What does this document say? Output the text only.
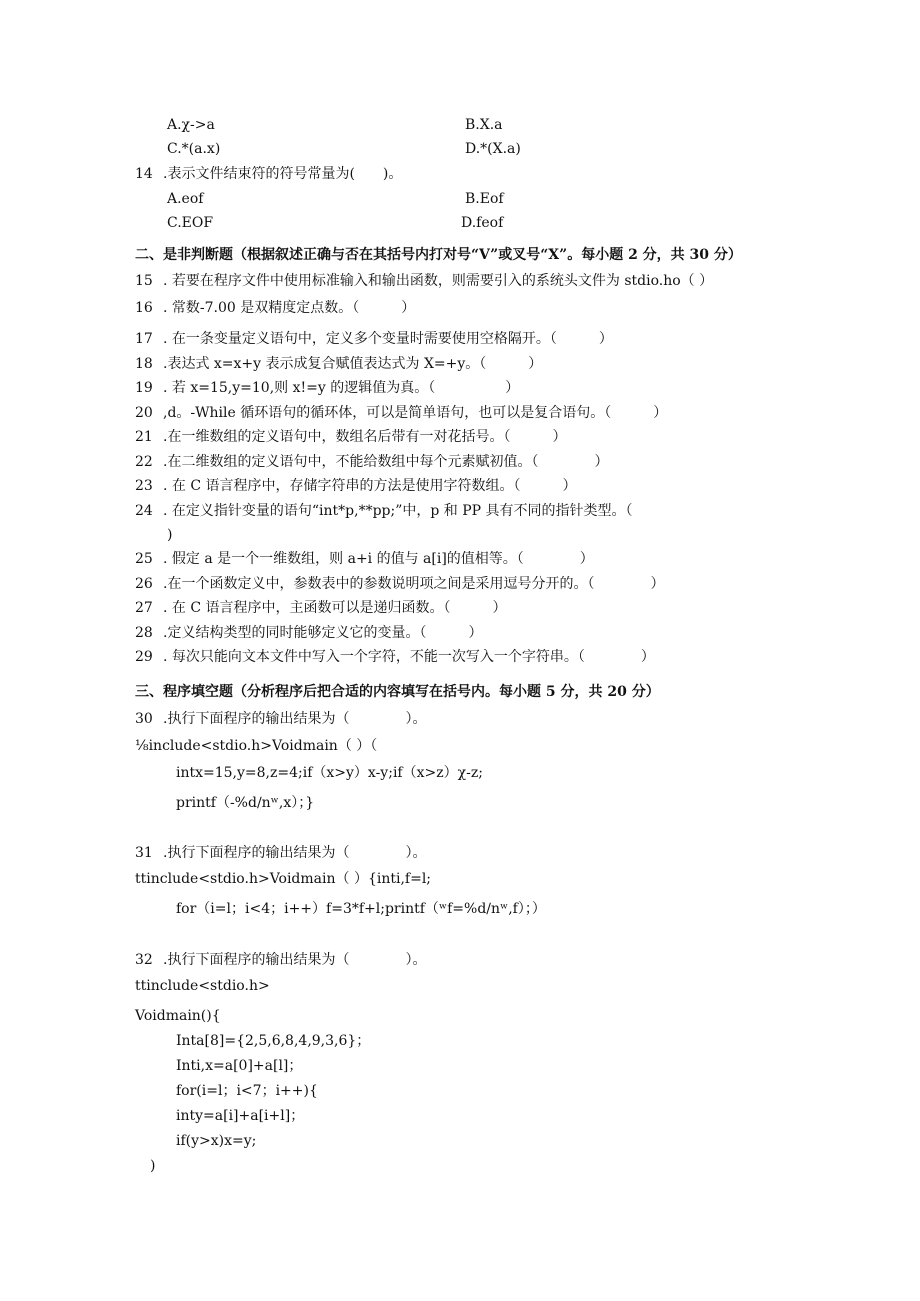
A.χ->a	B.X.a
C.*(a.x)	D.*(X.a)
14 .表示文件结束符的符号常量为(　　)。
A.eof	B.Eof
C.EOF	D.feof
二、是非判断题（根据叙述正确与否在其括号内打对号“V”或叉号“X”。每小题 2 分，共 30 分）
15 . 若要在程序文件中使用标准输入和输出函数，则需要引入的系统头文件为 stdio.ho（ ）
16 . 常数-7.00 是双精度定点数。（　　　）
17 . 在一条变量定义语句中，定义多个变量时需要使用空格隔开。（　　　）
18 .表达式 x=x+y 表示成复合赋值表达式为 X=+y。（　　　）
19 . 若 x=15,y=10,则 x!=y 的逻辑值为真。（　　　　　）
20 ,d。-While 循环语句的循环体，可以是简单语句，也可以是复合语句。（　　　）
21 .在一维数组的定义语句中，数组名后带有一对花括号。（　　　）
22 .在二维数组的定义语句中，不能给数组中每个元素赋初值。（　　　　）
23 . 在 C 语言程序中，存储字符串的方法是使用字符数组。（　　　）
24 . 在定义指针变量的语句“int*p,**pp;”中，p 和 PP 具有不同的指针类型。（
)
25 . 假定 a 是一个一维数组，则 a+i 的值与 a[i]的值相等。（　　　　）
26 .在一个函数定义中，参数表中的参数说明项之间是采用逗号分开的。（　　　　）
27 . 在 C 语言程序中，主函数可以是递归函数。（　　　）
28 .定义结构类型的同时能够定义它的变量。（　　　）
29 . 每次只能向文本文件中写入一个字符，不能一次写入一个字符串。（　　　　）
三、程序填空题（分析程序后把合适的内容填写在括号内。每小题 5 分，共 20 分）
30 .执行下面程序的输出结果为（　　　　）。
⅛include<stdio.h>Voidmain（ ）（
intx=15,y=8,z=4;if（x>y）x-y;if（x>z）χ-z;
printf（-%d∕nʷ,x）；}
31 .执行下面程序的输出结果为（　　　　）。
ttinclude<stdio.h>Voidmain（ ）{inti,f=l;
for（i=l；i<4；i++）f=3*f+l;printf（ʷf=%d∕nʷ,f）；）
32 .执行下面程序的输出结果为（　　　　）。
ttinclude<stdio.h>
Voidmain(){
Inta[8]={2,5,6,8,4,9,3,6}；
Inti,x=a[0]+a[l]；
for(i=l；i<7；i++){
inty=a[i]+a[i+l]；
if(y>x)x=y;
)
